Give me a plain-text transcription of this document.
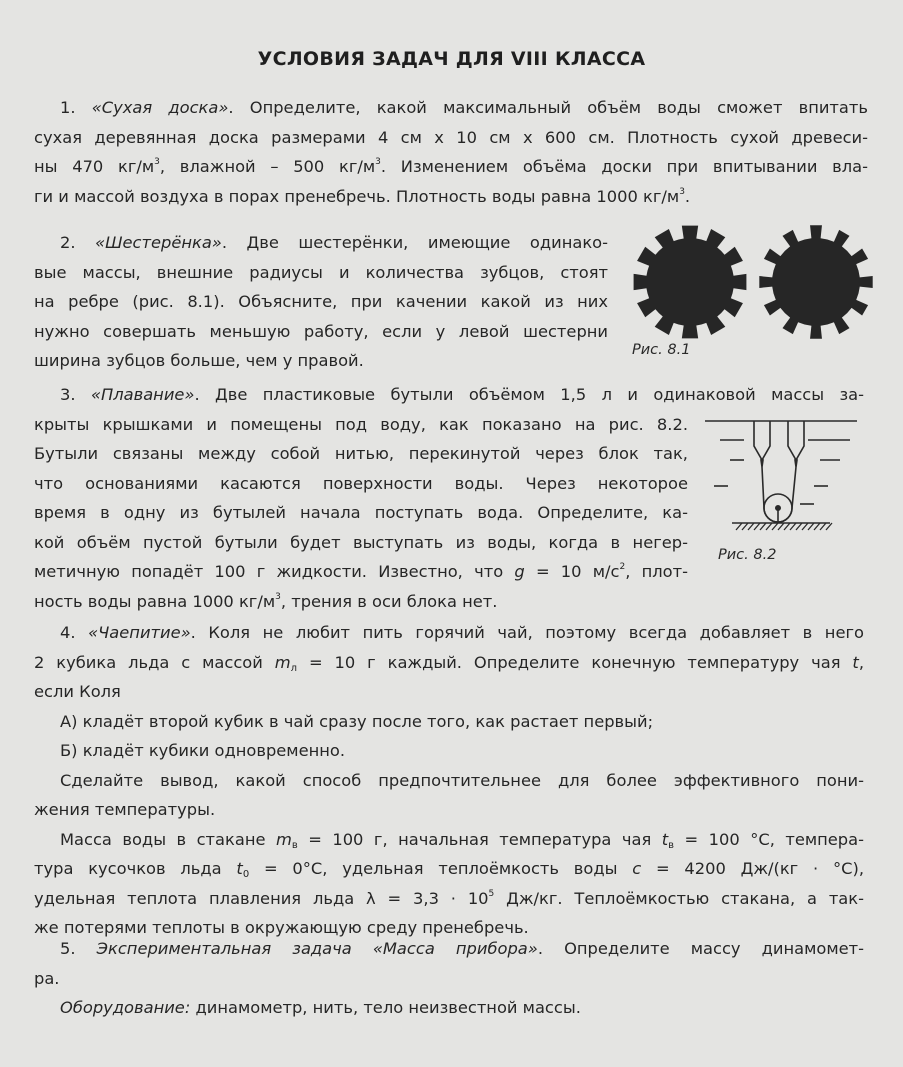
УСЛОВИЯ ЗАДАЧ ДЛЯ VIII КЛАССА
1. «Сухая доска». Определите, какой максимальный объём воды сможет впитать
сухая деревянная доска размерами 4 см х 10 см х 600 см. Плотность сухой древеси-
ны 470 $кг/м^3$, влажной – 500 $кг/м^3$. Изменением объёма доски при впитывании вла-
ги и массой воздуха в порах пренебречь. Плотность воды равна 1000 $кг/м^3$.
2. «Шестерёнка». Две шестерёнки, имеющие одинако-
вые массы, внешние радиусы и количества зубцов, стоят
на ребре (рис. 8.1). Объясните, при качении какой из них
нужно совершать меньшую работу, если у левой шестерни
ширина зубцов больше, чем у правой.
Рис. 8.1
3. «Плавание». Две пластиковые бутыли объёмом 1,5 л и одинаковой массы за-
крыты крышками и помещены под воду, как показано на рис. 8.2.
Бутыли связаны между собой нитью, перекинутой через блок так,
что основаниями касаются поверхности воды. Через некоторое
время в одну из бутылей начала поступать вода. Определите, ка-
кой объём пустой бутыли будет выступать из воды, когда в негер-
метичную попадёт 100 г жидкости. Известно, что g = 10 $м/с^2$, плот-
ность воды равна 1000 $кг/м^3$, трения в оси блока нет.
Рис. 8.2
4. «Чаепитие». Коля не любит пить горячий чай, поэтому всегда добавляет в него
2 кубика льда с массой $m_л = 10$ г каждый. Определите конечную температуру чая t,
если Коля
А) кладёт второй кубик в чай сразу после того, как растает первый;
Б) кладёт кубики одновременно.
Сделайте вывод, какой способ предпочтительнее для более эффективного пони-
жения температуры.
Масса воды в стакане $m_в = 100$ г, начальная температура чая $t_в = 100$ °С, темпера-
тура кусочков льда $t_0 = 0^\circ С$, удельная теплоёмкость воды c = 4200 Дж/(кг · °С),
удельная теплота плавления льда $\lambda = 3,3 \cdot 10^5$ Дж/кг. Теплоёмкостью стакана, а так-
же потерями теплоты в окружающую среду пренебречь.
5. Экспериментальная задача «Масса прибора». Определите массу динамомет-
ра.
Оборудование: динамометр, нить, тело неизвестной массы.
